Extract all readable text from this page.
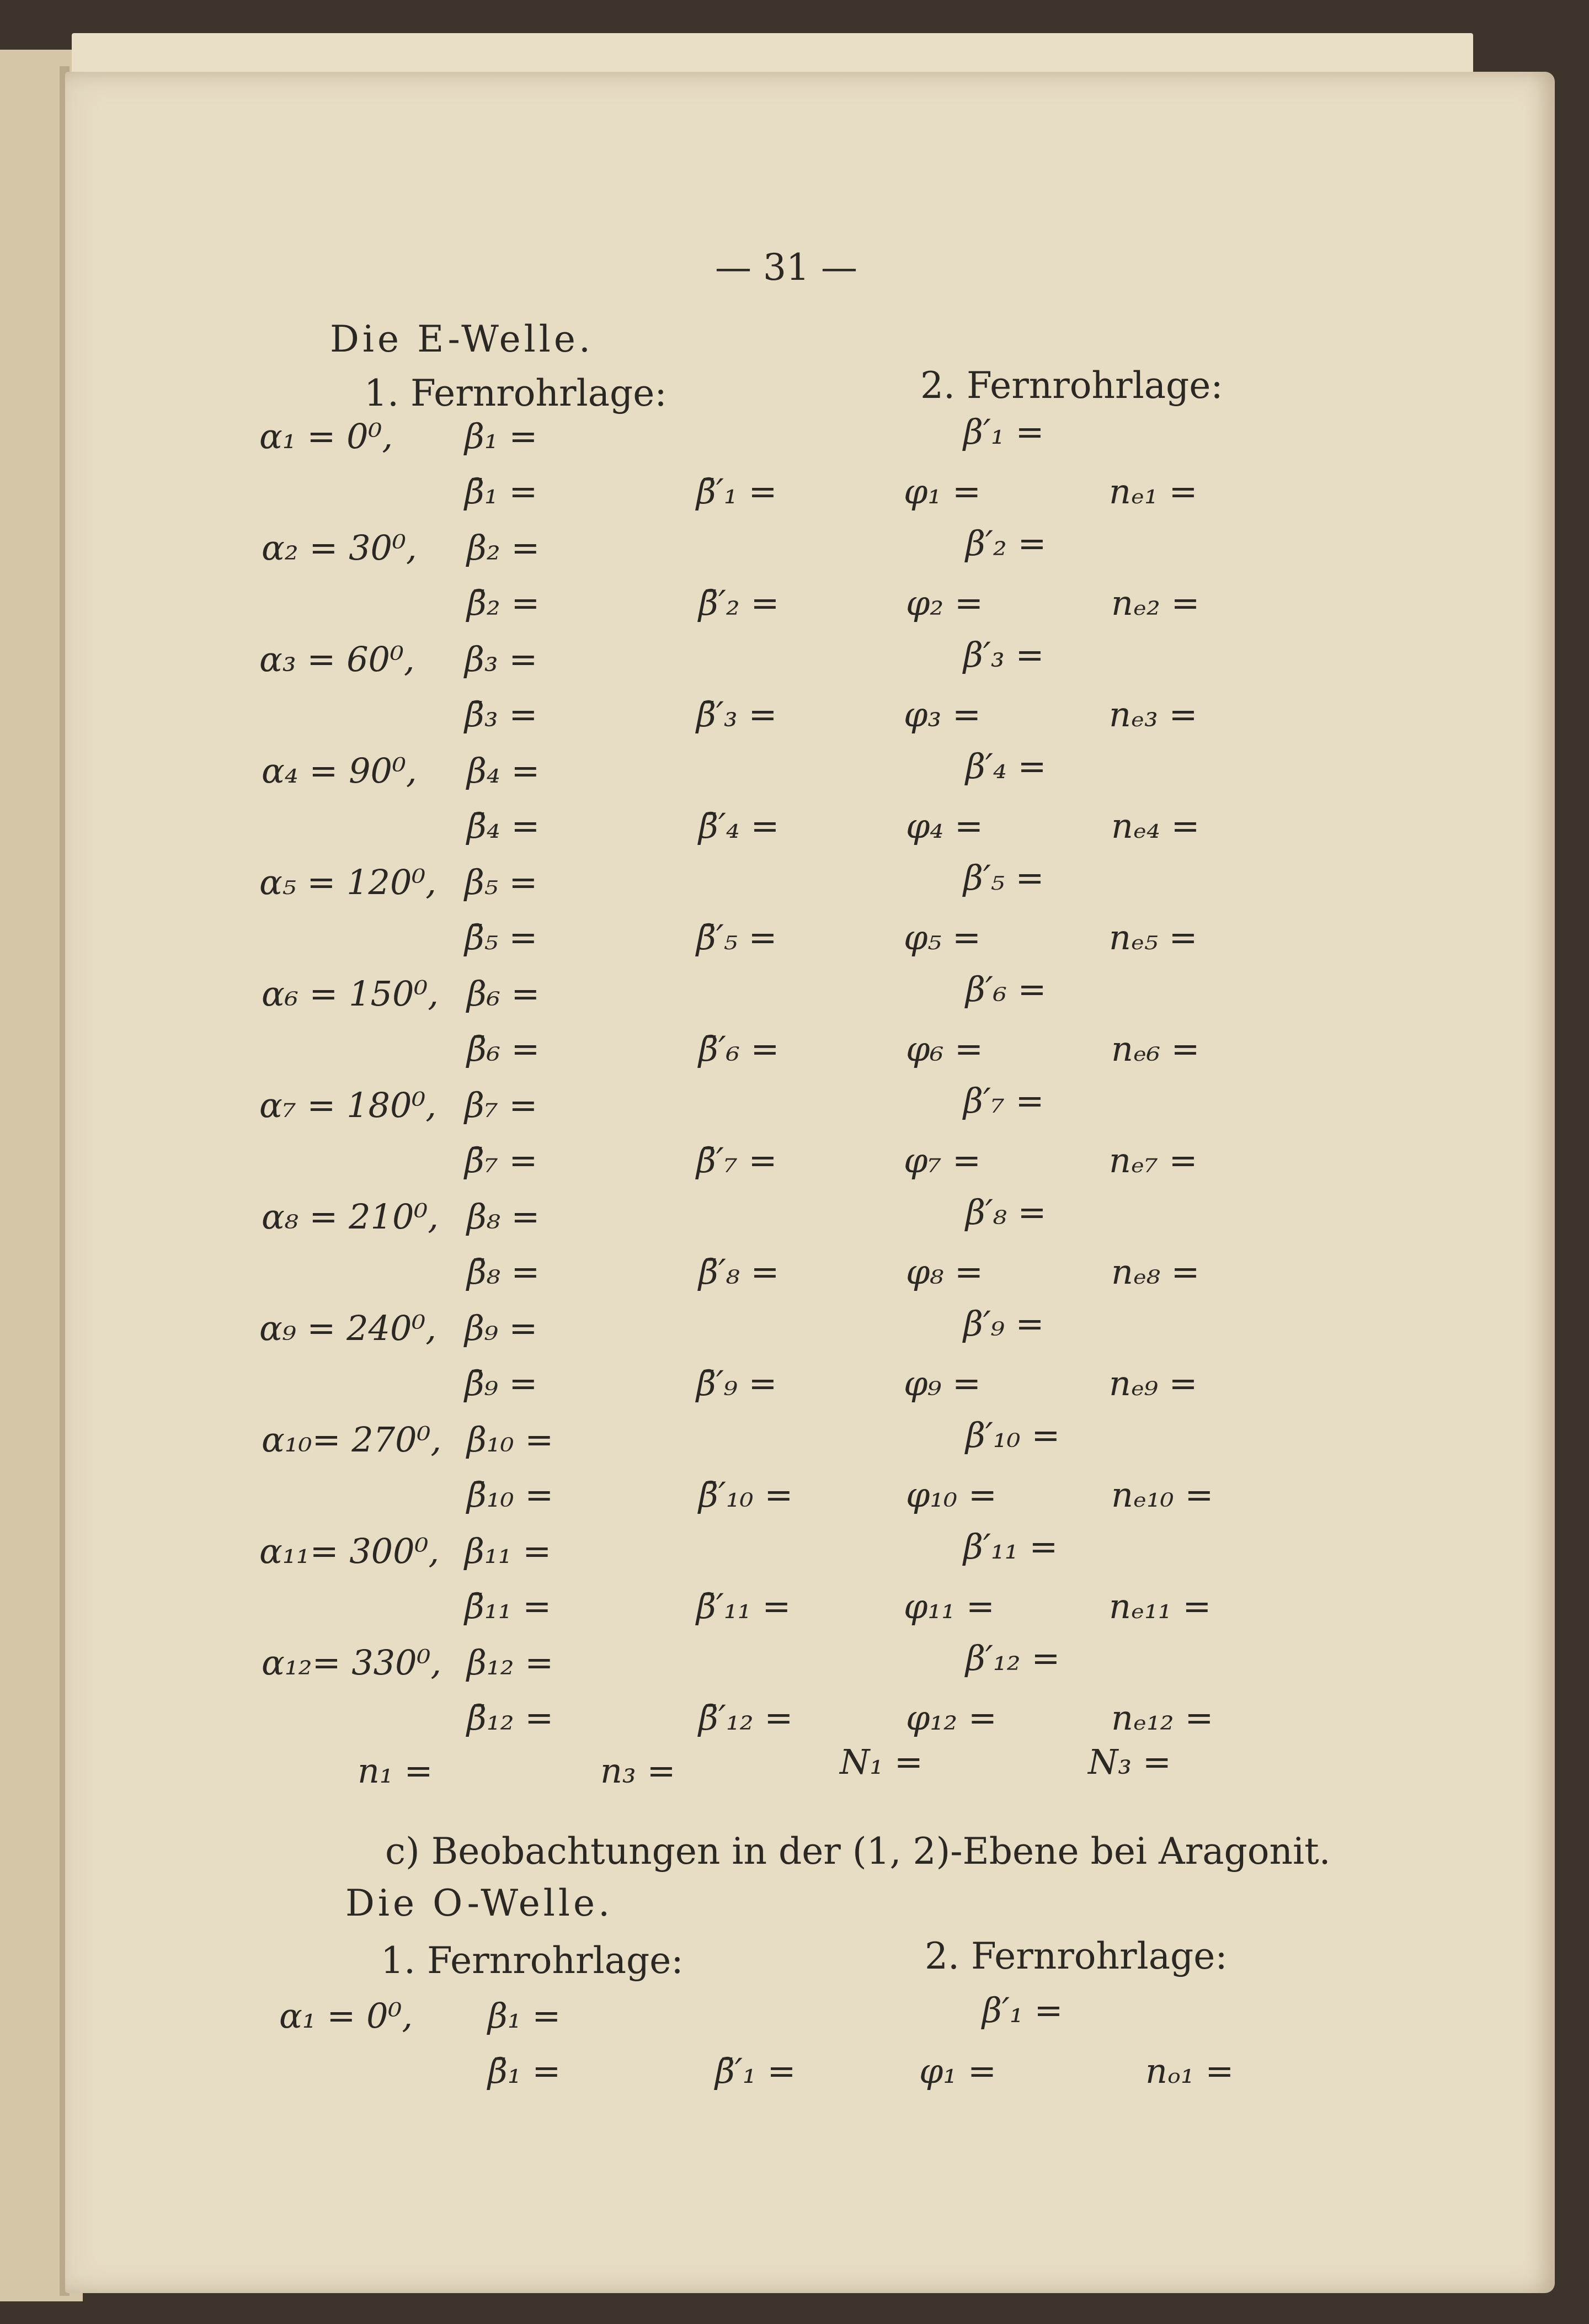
— 31 —
Die E-Welle.
1. Fernrohrlage:	2. Fernrohrlage:
α₁ = 0⁰, β₁ =	β′₁ =
β̄₁ =	β̄′₁ =	φ₁ =	nₑ₁ =
α₂ = 30⁰, β₂ =	β′₂ =
β̄₂ =	β̄′₂ =	φ₂ =	nₑ₂ =
α₃ = 60⁰, β₃ =	β′₃ =
β̄₃ =	β̄′₃ =	φ₃ =	nₑ₃ =
α₄ = 90⁰, β₄ =	β′₄ =
β̄₄ =	β̄′₄ =	φ₄ =	nₑ₄ =
α₅ = 120⁰, β₅ =	β′₅ =
β̄₅ =	β̄′₅ =	φ₅ =	nₑ₅ =
α₆ = 150⁰, β₆ =	β′₆ =
β̄₆ =	β̄′₆ =	φ₆ =	nₑ₆ =
α₇ = 180⁰, β₇ =	β′₇ =
β̄₇ =	β̄′₇ =	φ₇ =	nₑ₇ =
α₈ = 210⁰, β₈ =	β′₈ =
β̄₈ =	β̄′₈ =	φ₈ =	nₑ₈ =
α₉ = 240⁰, β₉ =	β′₉ =
β̄₉ =	β̄′₉ =	φ₉ =	nₑ₉ =
α₁₀= 270⁰, β₁₀ =	β′₁₀ =
β̄₁₀ =	β̄′₁₀ =	φ₁₀ =	nₑ₁₀ =
α₁₁= 300⁰, β₁₁ =	β′₁₁ =
β̄₁₁ =	β̄′₁₁ =	φ₁₁ =	nₑ₁₁ =
α₁₂= 330⁰, β₁₂ =	β′₁₂ =
β̄₁₂ =	β̄′₁₂ =	φ₁₂ =	nₑ₁₂ =
n₁ =	n₃ =	N₁ =	N₃ =
c) Beobachtungen in der (1, 2)-Ebene bei Aragonit.
Die O-Welle.
1. Fernrohrlage:	2. Fernrohrlage:
α₁ = 0⁰, β₁ =	β′₁ =
β̄₁ =	β̄′₁ =	φ₁ =	nₒ₁ =
